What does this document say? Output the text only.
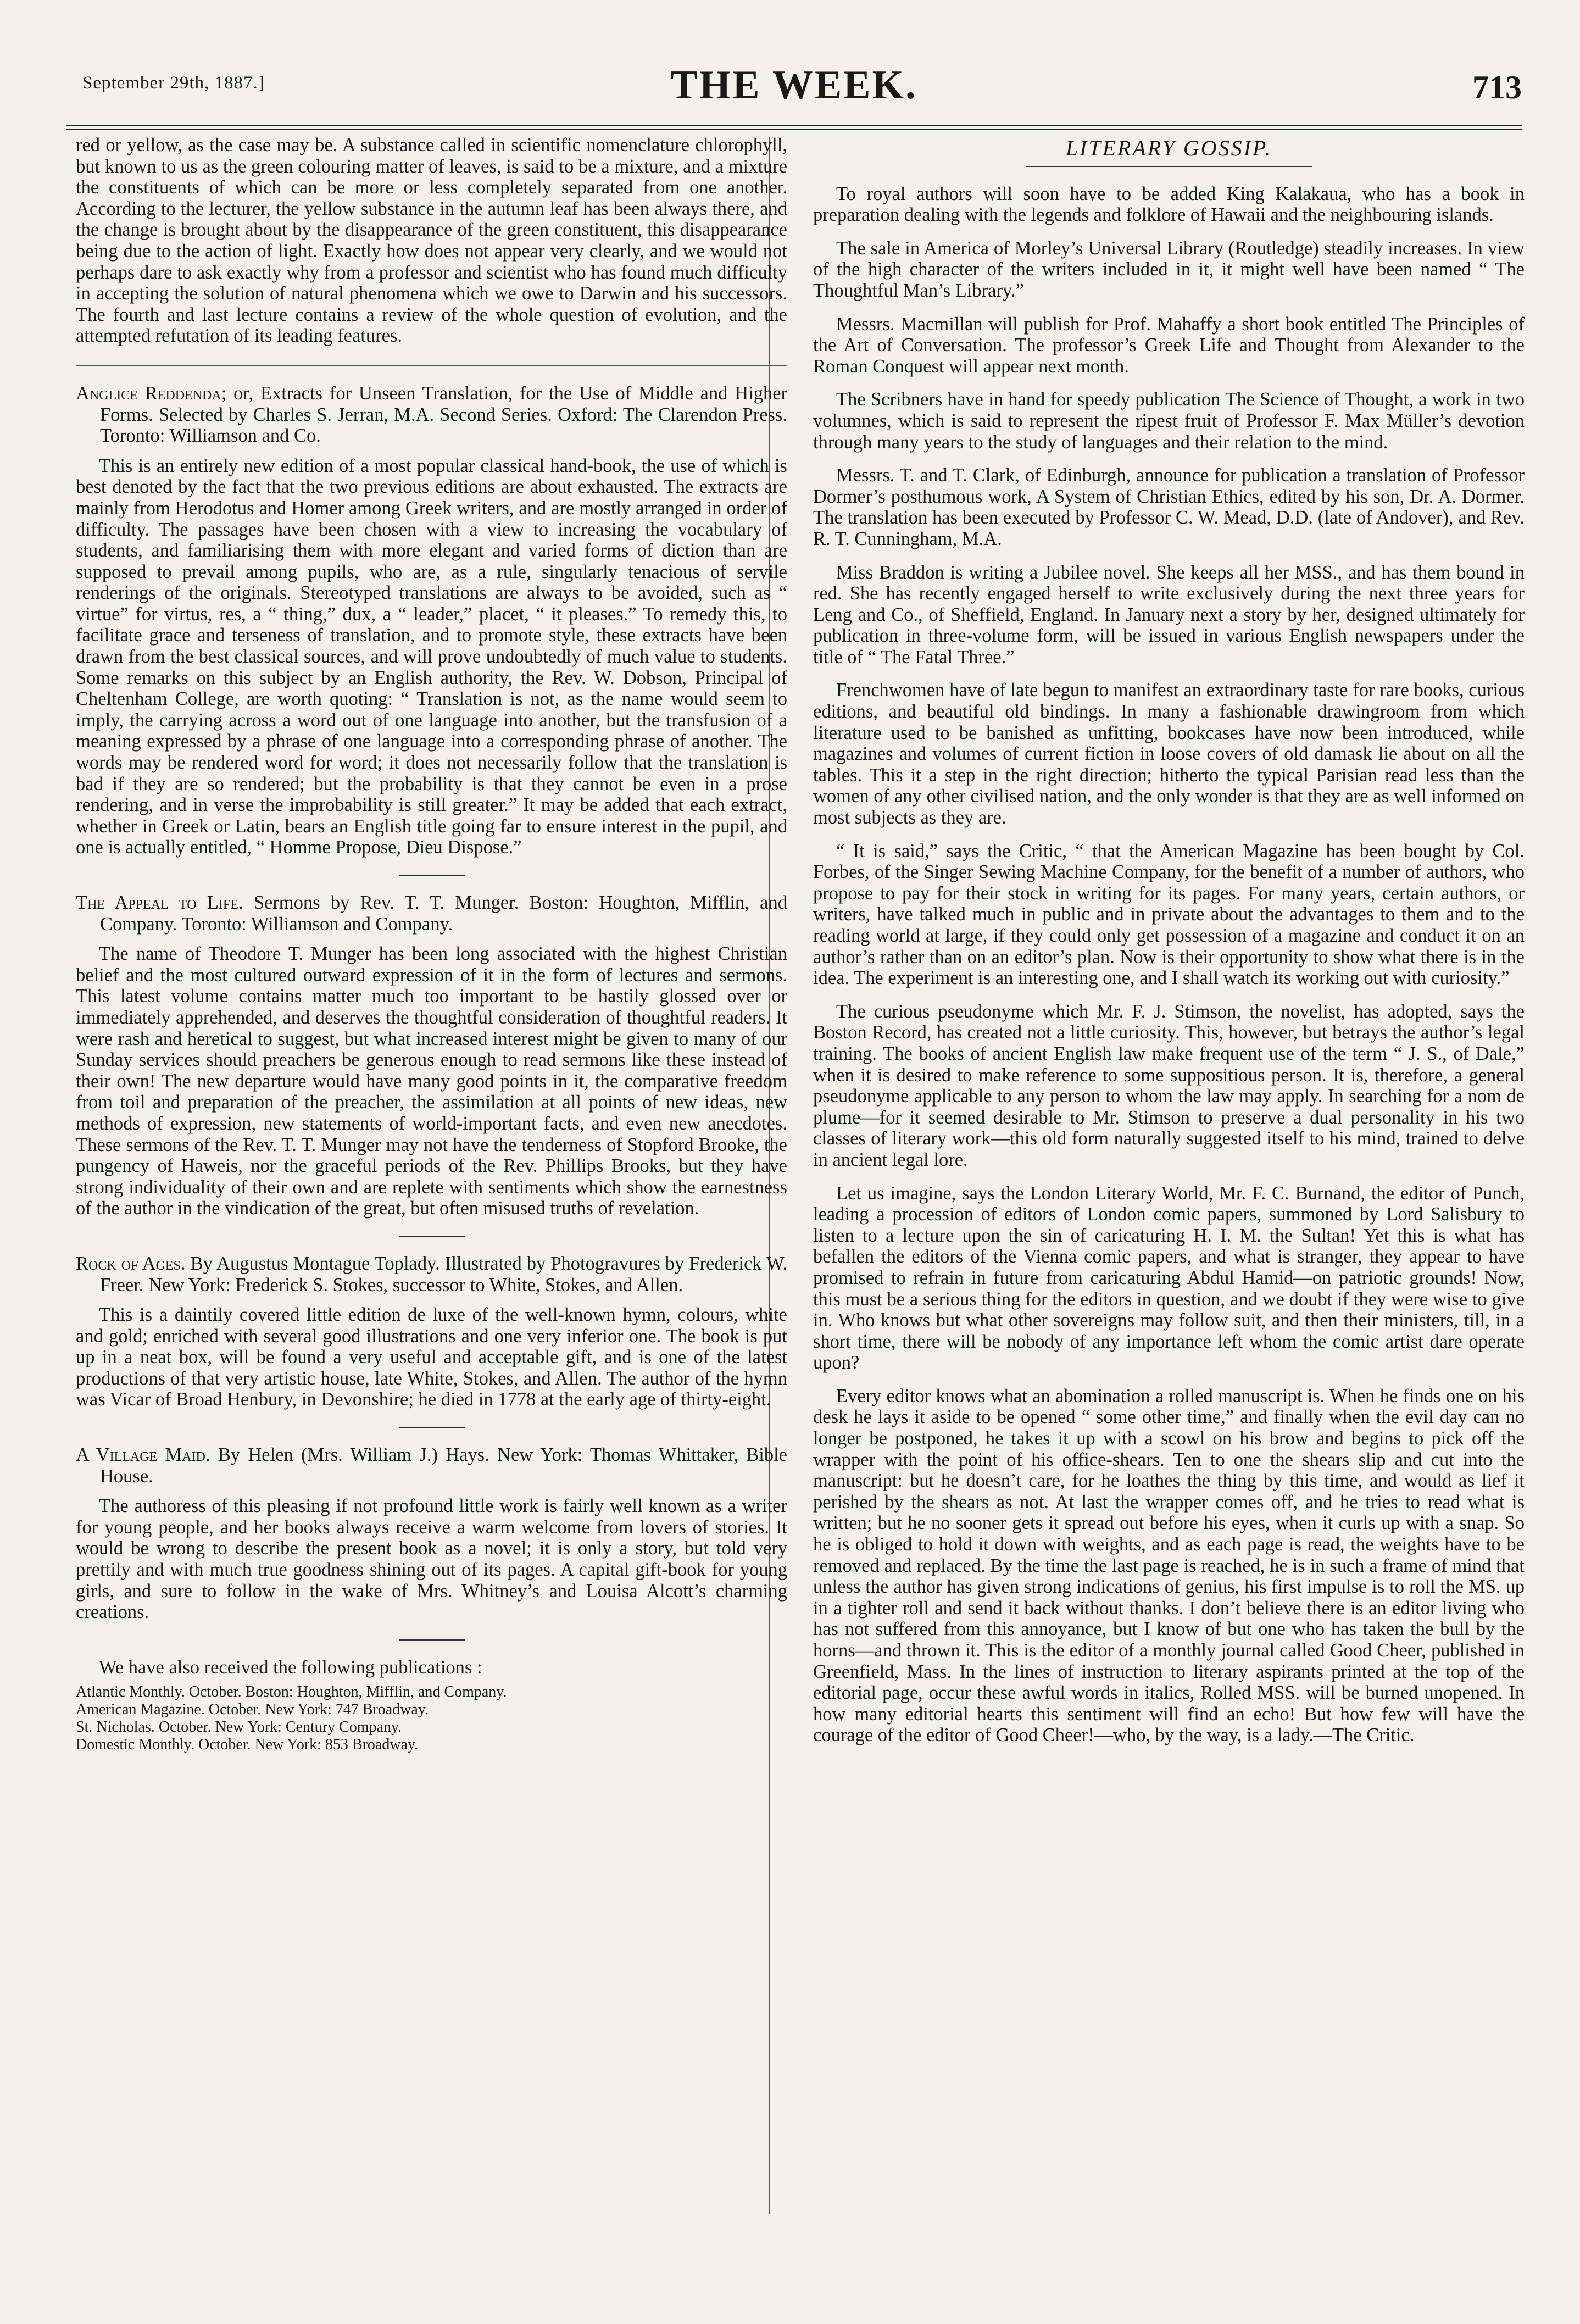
September 29th, 1887.]	THE WEEK.	713

red or yellow, as the case may be. A substance called in scientific nomenclature chlorophyll, but known to us as the green colouring matter of leaves, is said to be a mixture, and a mixture the constituents of which can be more or less completely separated from one another. According to the lecturer, the yellow substance in the autumn leaf has been always there, and the change is brought about by the disappearance of the green constituent, this disappearance being due to the action of light. Exactly how does not appear very clearly, and we would not perhaps dare to ask exactly why from a professor and scientist who has found much difficulty in accepting the solution of natural phenomena which we owe to Darwin and his successors. The fourth and last lecture contains a review of the whole question of evolution, and the attempted refutation of its leading features.

Anglice Reddenda; or, Extracts for Unseen Translation, for the Use of Middle and Higher Forms. Selected by Charles S. Jerran, M.A. Second Series. Oxford: The Clarendon Press. Toronto: Williamson and Co.

This is an entirely new edition of a most popular classical hand-book, the use of which is best denoted by the fact that the two previous editions are about exhausted. The extracts are mainly from Herodotus and Homer among Greek writers, and are mostly arranged in order of difficulty. The passages have been chosen with a view to increasing the vocabulary of students, and familiarising them with more elegant and varied forms of diction than are supposed to prevail among pupils, who are, as a rule, singularly tenacious of servile renderings of the originals. Stereotyped translations are always to be avoided, such as “ virtue” for virtus, res, a “ thing,” dux, a “ leader,” placet, “ it pleases.” To remedy this, to facilitate grace and terseness of translation, and to promote style, these extracts have been drawn from the best classical sources, and will prove undoubtedly of much value to students. Some remarks on this subject by an English authority, the Rev. W. Dobson, Principal of Cheltenham College, are worth quoting: “ Translation is not, as the name would seem to imply, the carrying across a word out of one language into another, but the transfusion of a meaning expressed by a phrase of one language into a corresponding phrase of another. The words may be rendered word for word; it does not necessarily follow that the translation is bad if they are so rendered; but the probability is that they cannot be even in a prose rendering, and in verse the improbability is still greater.” It may be added that each extract, whether in Greek or Latin, bears an English title going far to ensure interest in the pupil, and one is actually entitled, “ Homme Propose, Dieu Dispose.”

The Appeal to Life. Sermons by Rev. T. T. Munger. Boston: Houghton, Mifflin, and Company. Toronto: Williamson and Company.

The name of Theodore T. Munger has been long associated with the highest Christian belief and the most cultured outward expression of it in the form of lectures and sermons. This latest volume contains matter much too important to be hastily glossed over or immediately apprehended, and deserves the thoughtful consideration of thoughtful readers. It were rash and heretical to suggest, but what increased interest might be given to many of our Sunday services should preachers be generous enough to read sermons like these instead of their own! The new departure would have many good points in it, the comparative freedom from toil and preparation of the preacher, the assimilation at all points of new ideas, new methods of expression, new statements of world-important facts, and even new anecdotes. These sermons of the Rev. T. T. Munger may not have the tenderness of Stopford Brooke, the pungency of Haweis, nor the graceful periods of the Rev. Phillips Brooks, but they have strong individuality of their own and are replete with sentiments which show the earnestness of the author in the vindication of the great, but often misused truths of revelation.

Rock of Ages. By Augustus Montague Toplady. Illustrated by Photogravures by Frederick W. Freer. New York: Frederick S. Stokes, successor to White, Stokes, and Allen.

This is a daintily covered little edition de luxe of the well-known hymn, colours, white and gold; enriched with several good illustrations and one very inferior one. The book is put up in a neat box, will be found a very useful and acceptable gift, and is one of the latest productions of that very artistic house, late White, Stokes, and Allen. The author of the hymn was Vicar of Broad Henbury, in Devonshire; he died in 1778 at the early age of thirty-eight.

A Village Maid. By Helen (Mrs. William J.) Hays. New York: Thomas Whittaker, Bible House.

The authoress of this pleasing if not profound little work is fairly well known as a writer for young people, and her books always receive a warm welcome from lovers of stories. It would be wrong to describe the present book as a novel; it is only a story, but told very prettily and with much true goodness shining out of its pages. A capital gift-book for young girls, and sure to follow in the wake of Mrs. Whitney’s and Louisa Alcott’s charming creations.

We have also received the following publications :

Atlantic Monthly. October. Boston: Houghton, Mifflin, and Company.
American Magazine. October. New York: 747 Broadway.
St. Nicholas. October. New York: Century Company.
Domestic Monthly. October. New York: 853 Broadway.
LITERARY GOSSIP.

To royal authors will soon have to be added King Kalakaua, who has a book in preparation dealing with the legends and folklore of Hawaii and the neighbouring islands.

The sale in America of Morley’s Universal Library (Routledge) steadily increases. In view of the high character of the writers included in it, it might well have been named “ The Thoughtful Man’s Library.”

Messrs. Macmillan will publish for Prof. Mahaffy a short book entitled The Principles of the Art of Conversation. The professor’s Greek Life and Thought from Alexander to the Roman Conquest will appear next month.

The Scribners have in hand for speedy publication The Science of Thought, a work in two volumnes, which is said to represent the ripest fruit of Professor F. Max Müller’s devotion through many years to the study of languages and their relation to the mind.

Messrs. T. and T. Clark, of Edinburgh, announce for publication a translation of Professor Dormer’s posthumous work, A System of Christian Ethics, edited by his son, Dr. A. Dormer. The translation has been executed by Professor C. W. Mead, D.D. (late of Andover), and Rev. R. T. Cunningham, M.A.

Miss Braddon is writing a Jubilee novel. She keeps all her MSS., and has them bound in red. She has recently engaged herself to write exclusively during the next three years for Leng and Co., of Sheffield, England. In January next a story by her, designed ultimately for publication in three-volume form, will be issued in various English newspapers under the title of “ The Fatal Three.”

Frenchwomen have of late begun to manifest an extraordinary taste for rare books, curious editions, and beautiful old bindings. In many a fashionable drawingroom from which literature used to be banished as unfitting, bookcases have now been introduced, while magazines and volumes of current fiction in loose covers of old damask lie about on all the tables. This it a step in the right direction; hitherto the typical Parisian read less than the women of any other civilised nation, and the only wonder is that they are as well informed on most subjects as they are.

“ It is said,” says the Critic, “ that the American Magazine has been bought by Col. Forbes, of the Singer Sewing Machine Company, for the benefit of a number of authors, who propose to pay for their stock in writing for its pages. For many years, certain authors, or writers, have talked much in public and in private about the advantages to them and to the reading world at large, if they could only get possession of a magazine and conduct it on an author’s rather than on an editor’s plan. Now is their opportunity to show what there is in the idea. The experiment is an interesting one, and I shall watch its working out with curiosity.”

The curious pseudonyme which Mr. F. J. Stimson, the novelist, has adopted, says the Boston Record, has created not a little curiosity. This, however, but betrays the author’s legal training. The books of ancient English law make frequent use of the term “ J. S., of Dale,” when it is desired to make reference to some suppositious person. It is, therefore, a general pseudonyme applicable to any person to whom the law may apply. In searching for a nom de plume—for it seemed desirable to Mr. Stimson to preserve a dual personality in his two classes of literary work—this old form naturally suggested itself to his mind, trained to delve in ancient legal lore.

Let us imagine, says the London Literary World, Mr. F. C. Burnand, the editor of Punch, leading a procession of editors of London comic papers, summoned by Lord Salisbury to listen to a lecture upon the sin of caricaturing H. I. M. the Sultan! Yet this is what has befallen the editors of the Vienna comic papers, and what is stranger, they appear to have promised to refrain in future from caricaturing Abdul Hamid—on patriotic grounds! Now, this must be a serious thing for the editors in question, and we doubt if they were wise to give in. Who knows but what other sovereigns may follow suit, and then their ministers, till, in a short time, there will be nobody of any importance left whom the comic artist dare operate upon?

Every editor knows what an abomination a rolled manuscript is. When he finds one on his desk he lays it aside to be opened “ some other time,” and finally when the evil day can no longer be postponed, he takes it up with a scowl on his brow and begins to pick off the wrapper with the point of his office-shears. Ten to one the shears slip and cut into the manuscript: but he doesn’t care, for he loathes the thing by this time, and would as lief it perished by the shears as not. At last the wrapper comes off, and he tries to read what is written; but he no sooner gets it spread out before his eyes, when it curls up with a snap. So he is obliged to hold it down with weights, and as each page is read, the weights have to be removed and replaced. By the time the last page is reached, he is in such a frame of mind that unless the author has given strong indications of genius, his first impulse is to roll the MS. up in a tighter roll and send it back without thanks. I don’t believe there is an editor living who has not suffered from this annoyance, but I know of but one who has taken the bull by the horns—and thrown it. This is the editor of a monthly journal called Good Cheer, published in Greenfield, Mass. In the lines of instruction to literary aspirants printed at the top of the editorial page, occur these awful words in italics, Rolled MSS. will be burned unopened. In how many editorial hearts this sentiment will find an echo! But how few will have the courage of the editor of Good Cheer!—who, by the way, is a lady.—The Critic.
